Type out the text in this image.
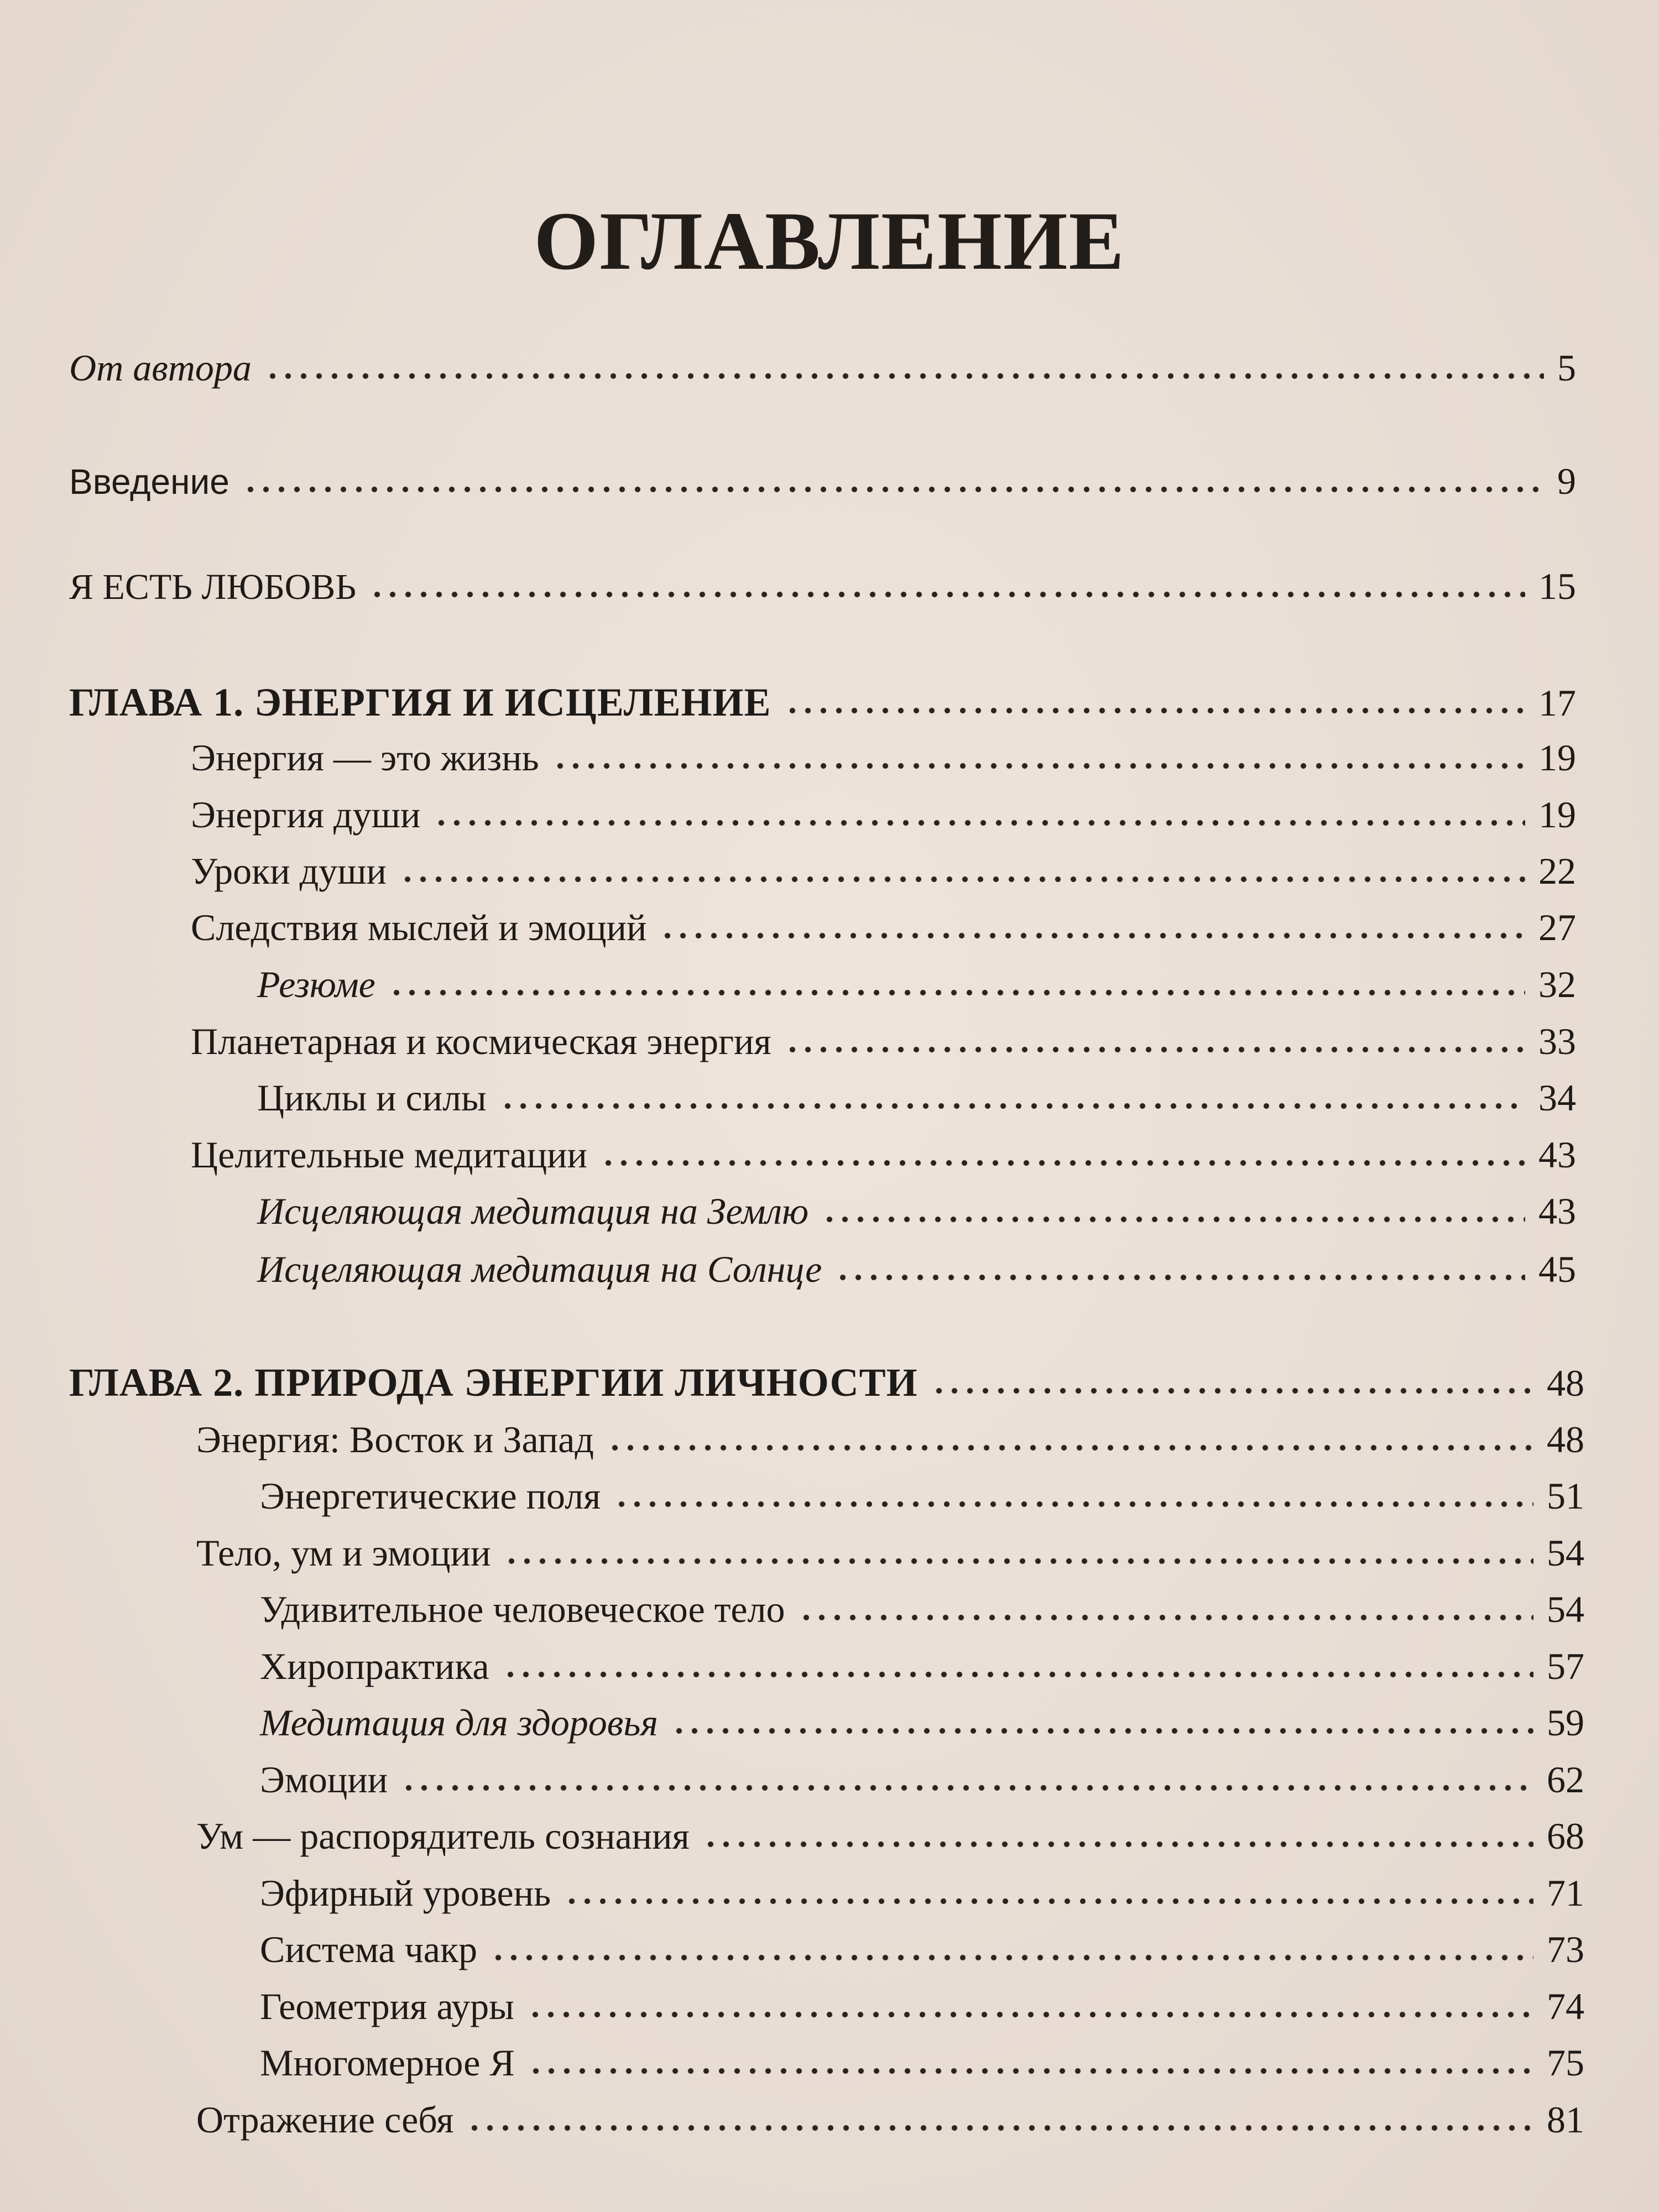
ОГЛАВЛЕНИЕ
От автора	5
Введение	9
Я ЕСТЬ ЛЮБОВЬ	15
ГЛАВА 1. ЭНЕРГИЯ И ИСЦЕЛЕНИЕ	17
Энергия — это жизнь	19
Энергия души	19
Уроки души	22
Следствия мыслей и эмоций	27
Резюме	32
Планетарная и космическая энергия	33
Циклы и силы	34
Целительные медитации	43
Исцеляющая медитация на Землю	43
Исцеляющая медитация на Солнце	45
ГЛАВА 2. ПРИРОДА ЭНЕРГИИ ЛИЧНОСТИ	48
Энергия: Восток и Запад	48
Энергетические поля	51
Тело, ум и эмоции	54
Удивительное человеческое тело	54
Хиропрактика	57
Медитация для здоровья	59
Эмоции	62
Ум — распорядитель сознания	68
Эфирный уровень	71
Система чакр	73
Геометрия ауры	74
Многомерное Я	75
Отражение себя	81
